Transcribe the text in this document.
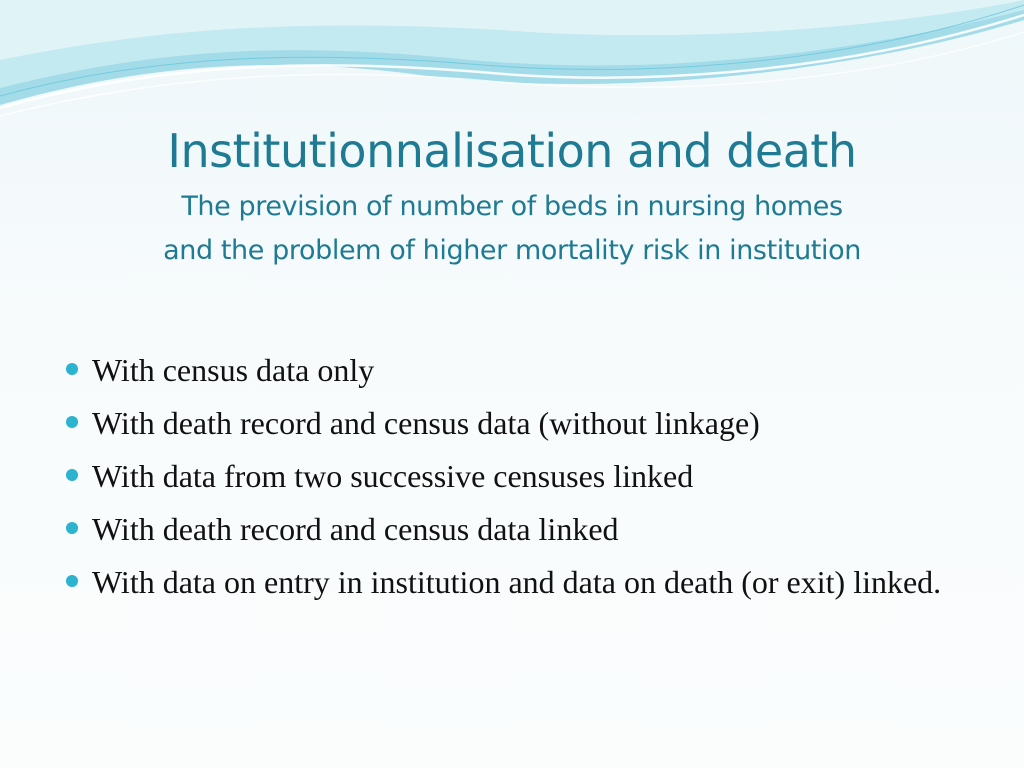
Institutionnalisation and death

The prevision of number of beds in nursing homes

and the problem of higher mortality risk in institution

With census data only
With death record and census data (without linkage)
With data from two successive censuses linked
With death record and census data linked
With data on entry in institution and data on death (or exit) linked.
